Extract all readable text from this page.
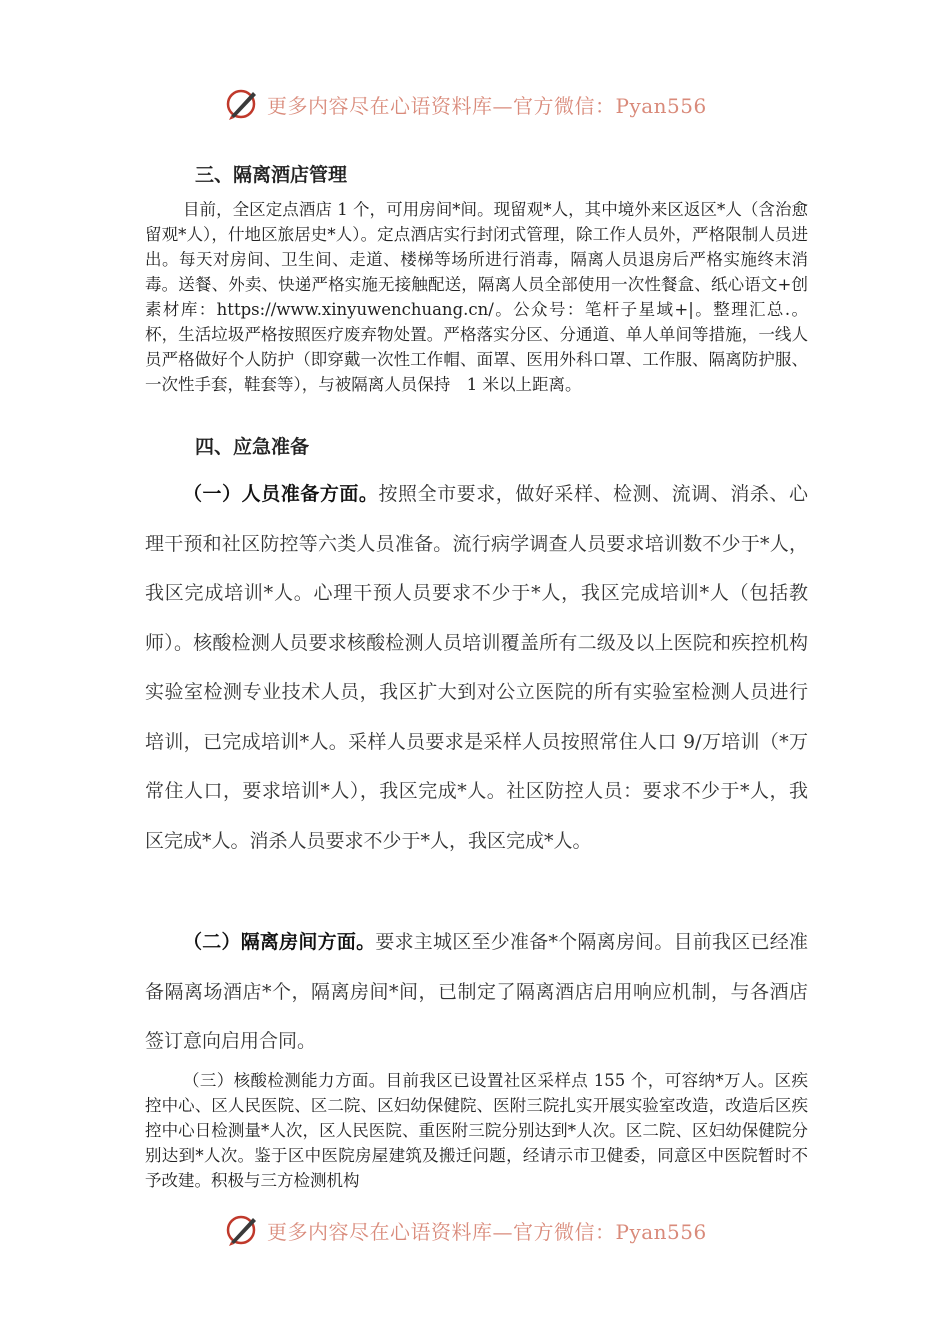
更多内容尽在心语资料库—官方微信：Pyan556
三、隔离酒店管理

目前，全区定点酒店 1 个，可用房间*间。现留观*人，其中境外来区返区*人（含治愈留观*人），什地区旅居史*人）。定点酒店实行封闭式管理，除工作人员外，严格限制人员进出。每天对房间、卫生间、走道、楼梯等场所进行消毒，隔离人员退房后严格实施终末消毒。送餐、外卖、快递严格实施无接触配送，隔离人员全部使用一次性餐盒、纸心语文+创素材库：https://www.xinyuwenchuang.cn/。公众号：笔杆子星域+|。整理汇总.。杯，生活垃圾严格按照医疗废弃物处置。严格落实分区、分通道、单人单间等措施，一线人员严格做好个人防护（即穿戴一次性工作帽、面罩、医用外科口罩、工作服、隔离防护服、一次性手套，鞋套等），与被隔离人员保持　1 米以上距离。

四、应急准备

（一）人员准备方面。按照全市要求，做好采样、检测、流调、消杀、心理干预和社区防控等六类人员准备。流行病学调查人员要求培训数不少于*人，我区完成培训*人。心理干预人员要求不少于*人，我区完成培训*人（包括教师）。核酸检测人员要求核酸检测人员培训覆盖所有二级及以上医院和疾控机构实验室检测专业技术人员，我区扩大到对公立医院的所有实验室检测人员进行培训，已完成培训*人。采样人员要求是采样人员按照常住人口 9/万培训（*万常住人口，要求培训*人），我区完成*人。社区防控人员：要求不少于*人，我区完成*人。消杀人员要求不少于*人，我区完成*人。

（二）隔离房间方面。要求主城区至少准备*个隔离房间。目前我区已经准备隔离场酒店*个，隔离房间*间，已制定了隔离酒店启用响应机制，与各酒店签订意向启用合同。

（三）核酸检测能力方面。目前我区已设置社区采样点 155 个，可容纳*万人。区疾控中心、区人民医院、区二院、区妇幼保健院、医附三院扎实开展实验室改造，改造后区疾控中心日检测量*人次，区人民医院、重医附三院分别达到*人次。区二院、区妇幼保健院分别达到*人次。鉴于区中医院房屋建筑及搬迁问题，经请示市卫健委，同意区中医院暂时不予改建。积极与三方检测机构

更多内容尽在心语资料库—官方微信：Pyan556
